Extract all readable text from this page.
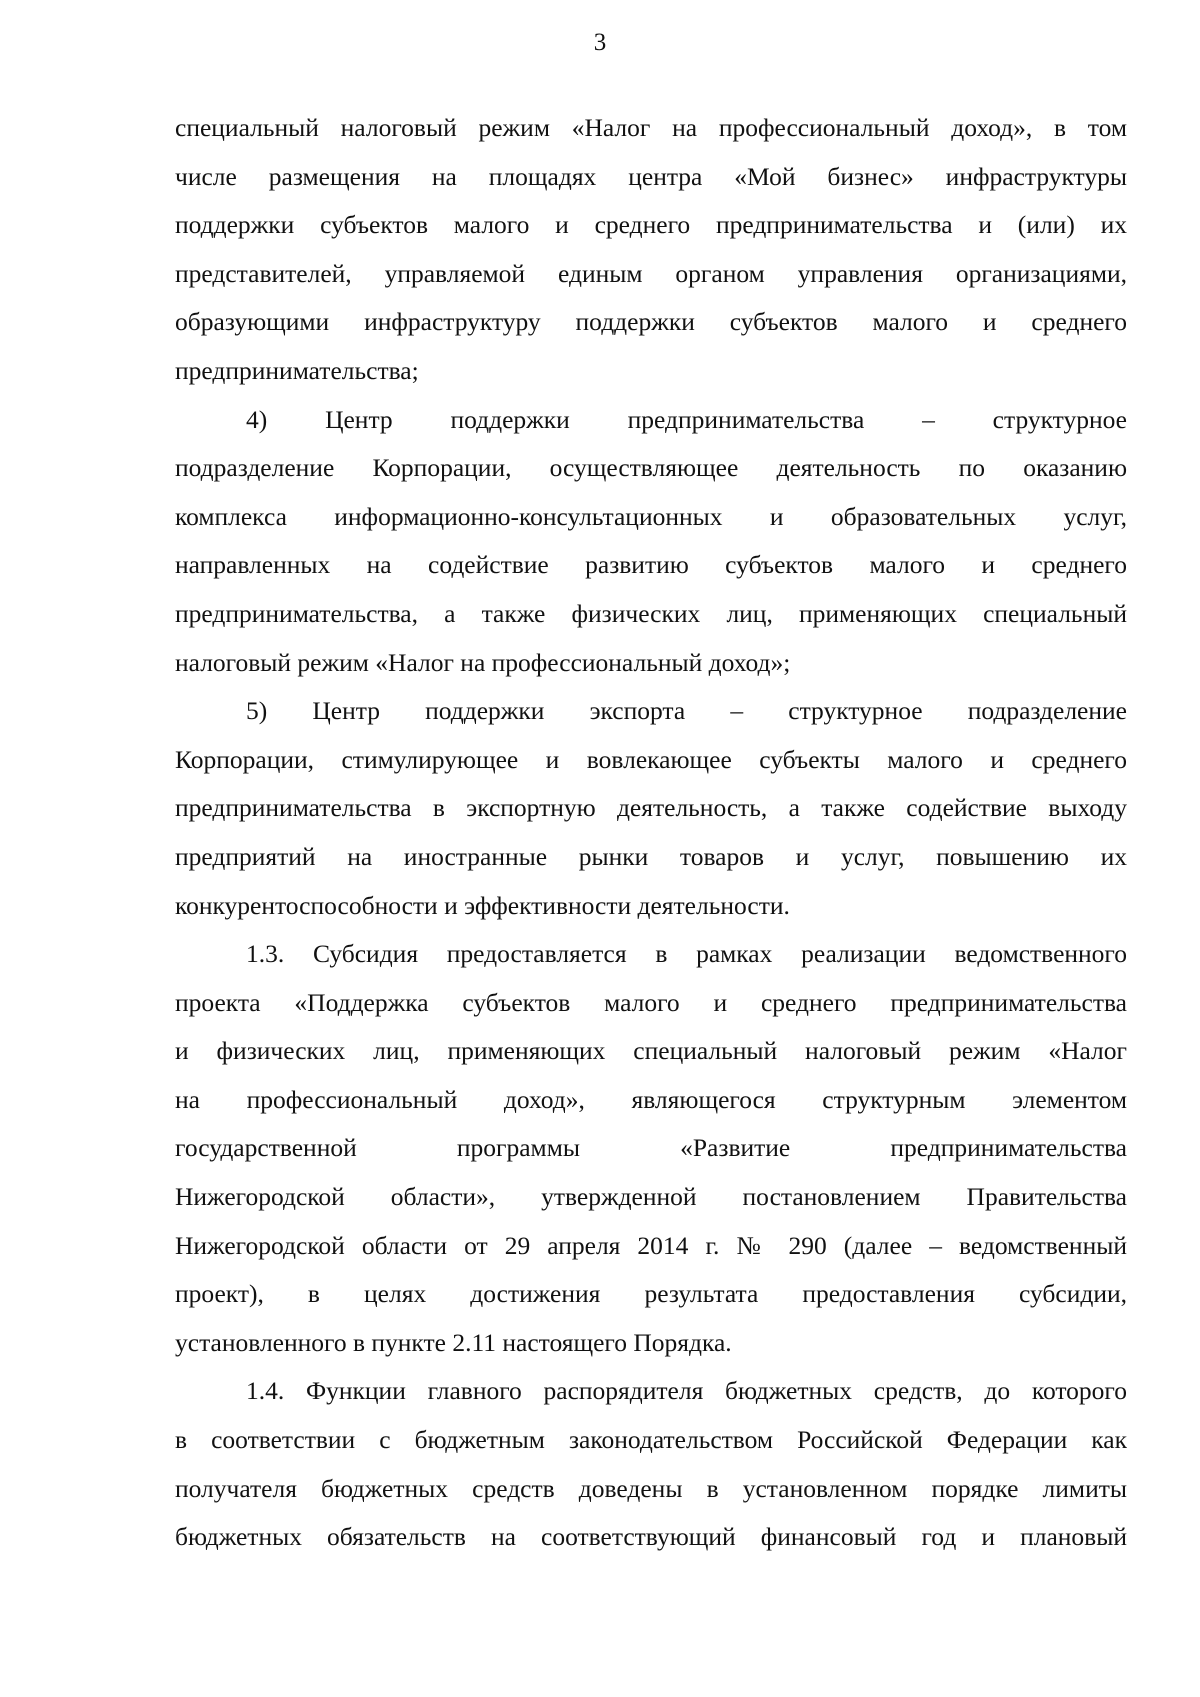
3
специальный налоговый режим «Налог на профессиональный доход», в том
числе размещения на площадях центра «Мой бизнес» инфраструктуры
поддержки субъектов малого и среднего предпринимательства и (или) их
представителей, управляемой единым органом управления организациями,
образующими инфраструктуру поддержки субъектов малого и среднего
предпринимательства;
4) Центр поддержки предпринимательства – структурное
подразделение Корпорации, осуществляющее деятельность по оказанию
комплекса информационно-консультационных и образовательных услуг,
направленных на содействие развитию субъектов малого и среднего
предпринимательства, а также физических лиц, применяющих специальный
налоговый режим «Налог на профессиональный доход»;
5) Центр поддержки экспорта – структурное подразделение
Корпорации, стимулирующее и вовлекающее субъекты малого и среднего
предпринимательства в экспортную деятельность, а также содействие выходу
предприятий на иностранные рынки товаров и услуг, повышению их
конкурентоспособности и эффективности деятельности.
1.3. Субсидия предоставляется в рамках реализации ведомственного
проекта «Поддержка субъектов малого и среднего предпринимательства
и физических лиц, применяющих специальный налоговый режим «Налог
на профессиональный доход», являющегося структурным элементом
государственной программы «Развитие предпринимательства
Нижегородской области», утвержденной постановлением Правительства
Нижегородской области от 29 апреля 2014 г. № 290 (далее – ведомственный
проект), в целях достижения результата предоставления субсидии,
установленного в пункте 2.11 настоящего Порядка.
1.4. Функции главного распорядителя бюджетных средств, до которого
в соответствии с бюджетным законодательством Российской Федерации как
получателя бюджетных средств доведены в установленном порядке лимиты
бюджетных обязательств на соответствующий финансовый год и плановый
